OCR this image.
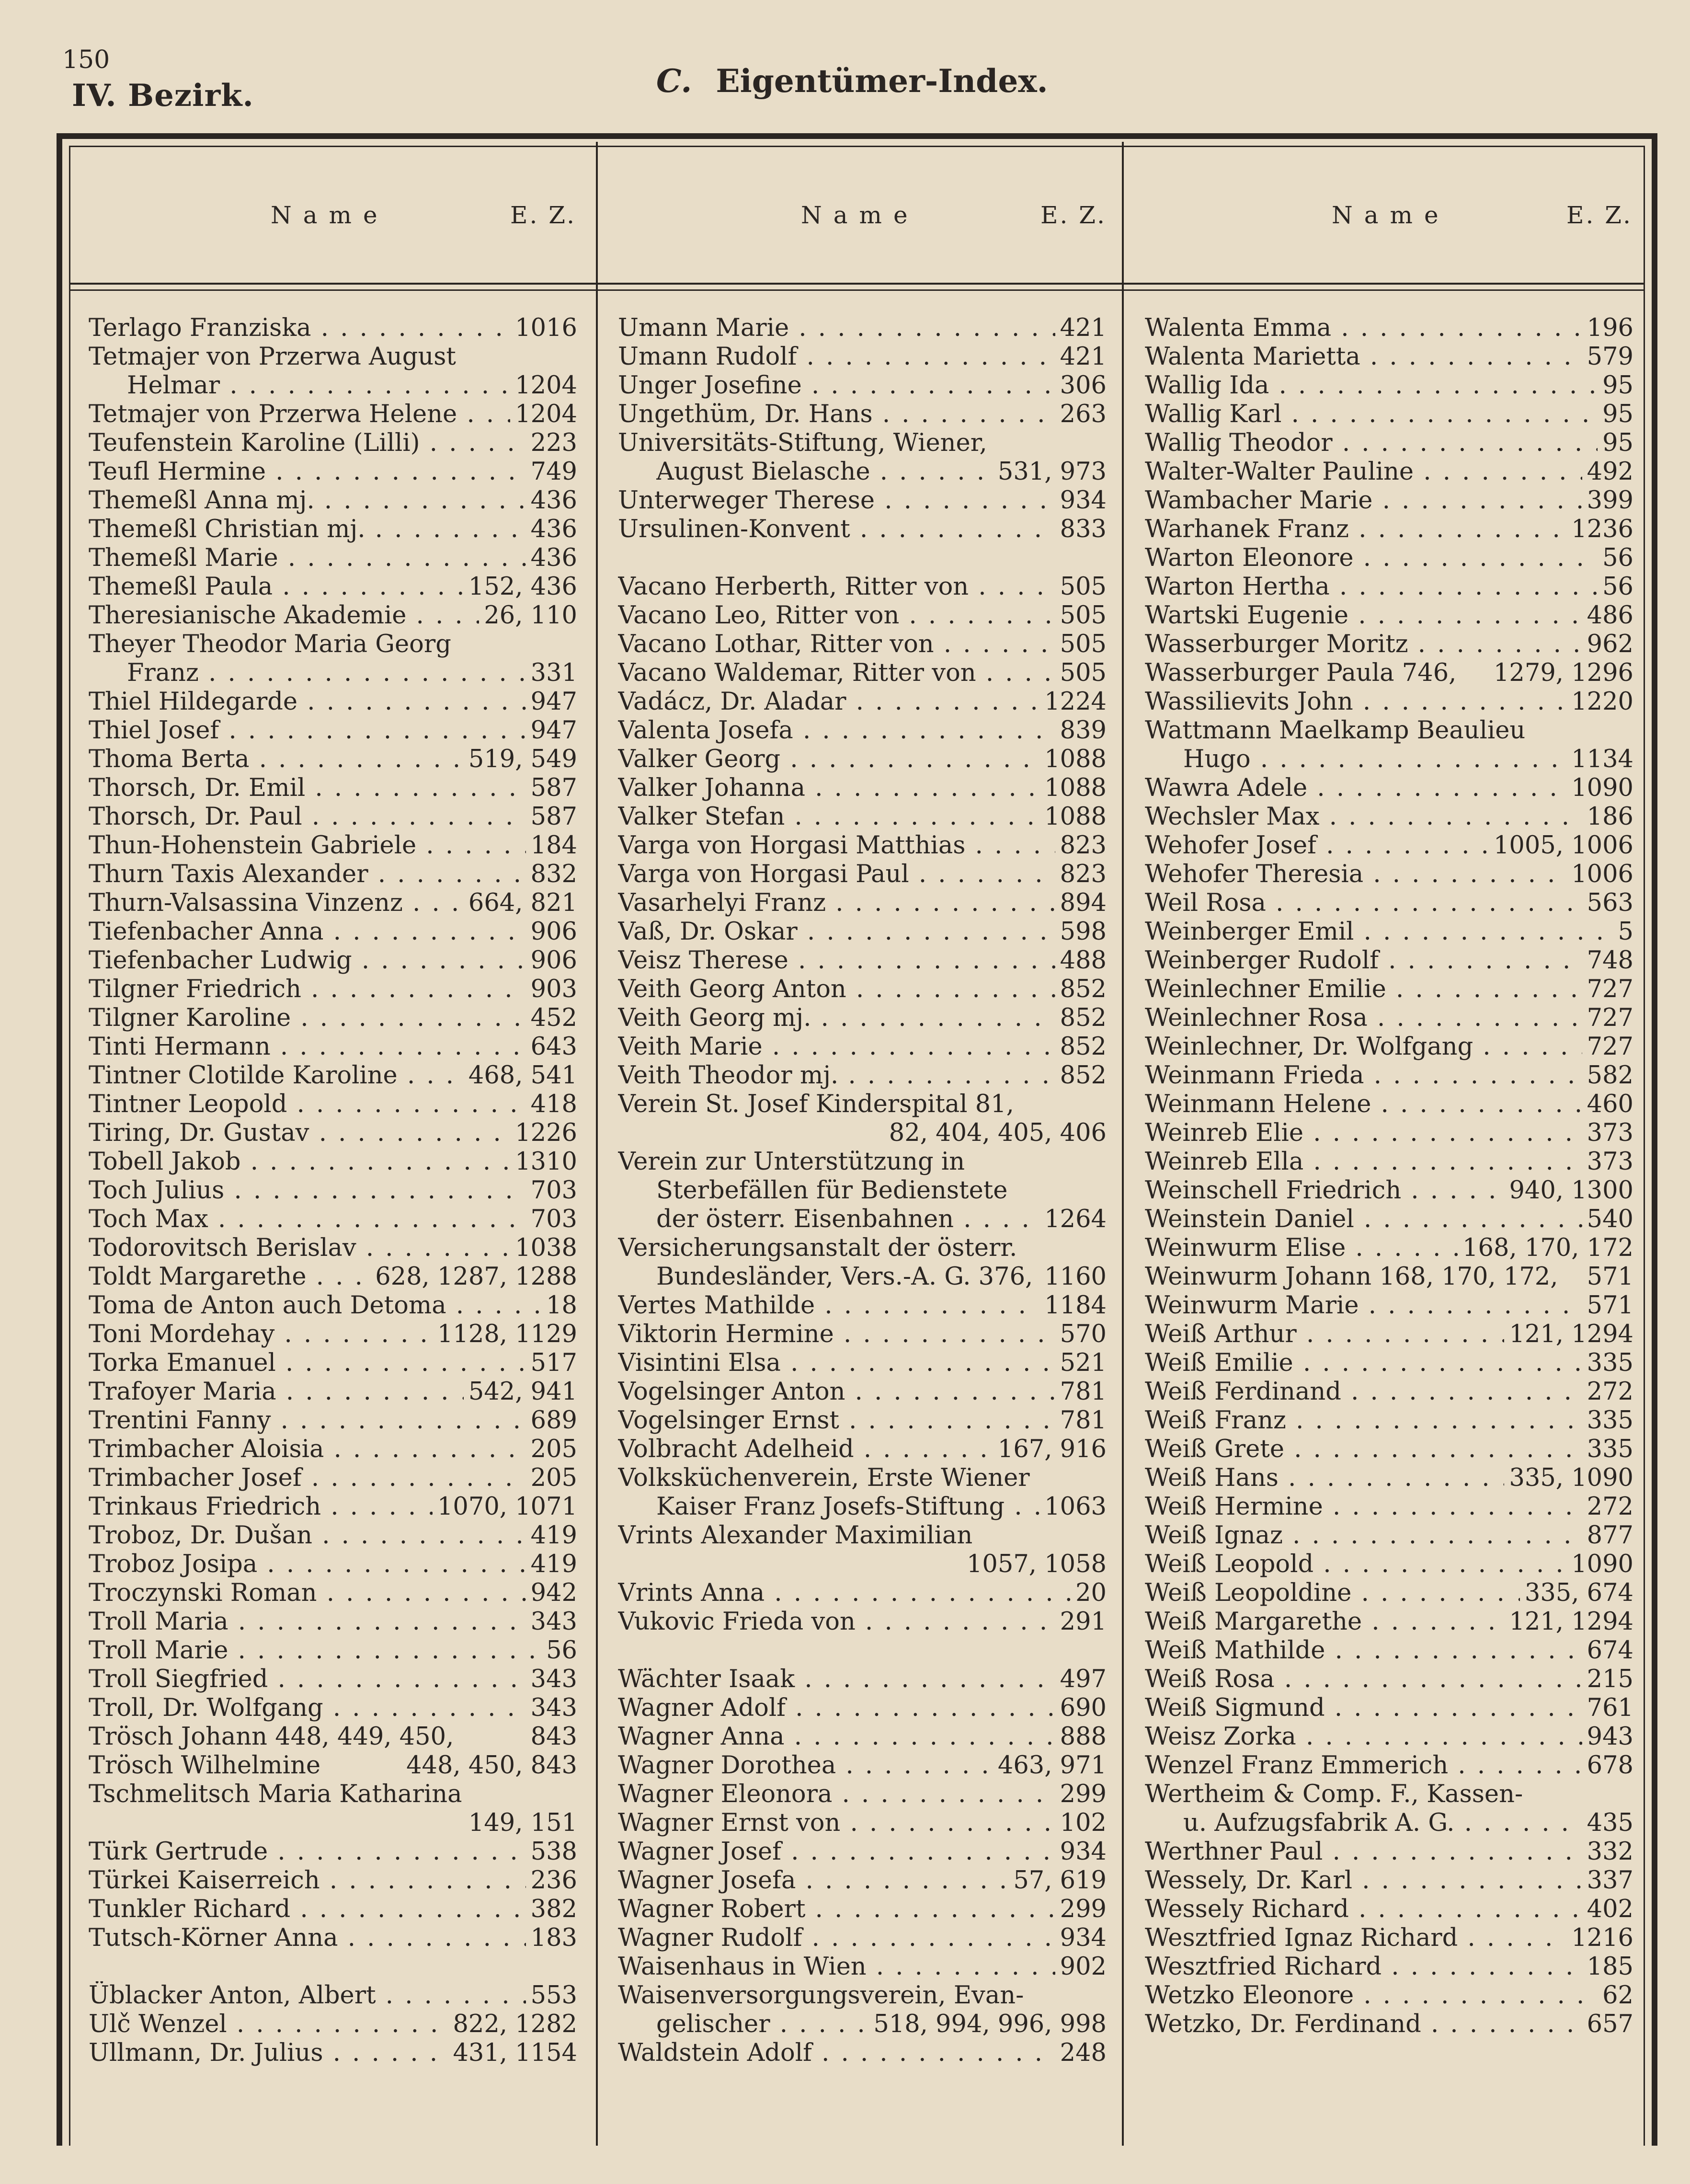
150
IV. Bezirk.	C. Eigentümer-Index.
Name	E. Z.	Name	E. Z.	Name	E. Z.
Terlago Franziska . . .	1016
Tetmajer von Przerwa August
Helmar . . .	1204
Tetmajer von Przerwa Helene . . .	1204
Teufenstein Karoline (Lilli) . . .	223
Teufl Hermine . . .	749
Themeßl Anna mj. . . .	436
Themeßl Christian mj. . . .	436
Themeßl Marie . . .	436
Themeßl Paula . . .	152, 436
Theresianische Akademie . . .	26, 110
Theyer Theodor Maria Georg
Franz . . .	331
Thiel Hildegarde . . .	947
Thiel Josef . . .	947
Thoma Berta . . .	519, 549
Thorsch, Dr. Emil . . .	587
Thorsch, Dr. Paul . . .	587
Thun-Hohenstein Gabriele . . .	184
Thurn Taxis Alexander . . .	832
Thurn-Valsassina Vinzenz . . .	664, 821
Tiefenbacher Anna . . .	906
Tiefenbacher Ludwig . . .	906
Tilgner Friedrich . . .	903
Tilgner Karoline . . .	452
Tinti Hermann . . .	643
Tintner Clotilde Karoline . . .	468, 541
Tintner Leopold . . .	418
Tiring, Dr. Gustav . . .	1226
Tobell Jakob . . .	1310
Toch Julius . . .	703
Toch Max . . .	703
Todorovitsch Berislav . . .	1038
Toldt Margarethe . . .	628, 1287, 1288
Toma de Anton auch Detoma . . .	18
Toni Mordehay . . .	1128, 1129
Torka Emanuel . . .	517
Trafoyer Maria . . .	542, 941
Trentini Fanny . . .	689
Trimbacher Aloisia . . .	205
Trimbacher Josef . . .	205
Trinkaus Friedrich . . .	1070, 1071
Troboz, Dr. Dušan . . .	419
Troboz Josipa . . .	419
Troczynski Roman . . .	942
Troll Maria . . .	343
Troll Marie . . .	56
Troll Siegfried . . .	343
Troll, Dr. Wolfgang . . .	343
Trösch Johann 448, 449, 450,	843
Trösch Wilhelmine	448, 450, 843
Tschmelitsch Maria Katharina
149, 151
Türk Gertrude . . .	538
Türkei Kaiserreich . . .	236
Tunkler Richard . . .	382
Tutsch-Körner Anna . . .	183
Üblacker Anton, Albert . . .	553
Ulč Wenzel . . .	822, 1282
Ullmann, Dr. Julius . . .	431, 1154
Umann Marie . . .	421
Umann Rudolf . . .	421
Unger Josefine . . .	306
Ungethüm, Dr. Hans . . .	263
Universitäts-Stiftung, Wiener,
August Bielasche . . .	531, 973
Unterweger Therese . . .	934
Ursulinen-Konvent . . .	833
Vacano Herberth, Ritter von . . .	505
Vacano Leo, Ritter von . . .	505
Vacano Lothar, Ritter von . . .	505
Vacano Waldemar, Ritter von . . .	505
Vadácz, Dr. Aladar . . .	1224
Valenta Josefa . . .	839
Valker Georg . . .	1088
Valker Johanna . . .	1088
Valker Stefan . . .	1088
Varga von Horgasi Matthias . . .	823
Varga von Horgasi Paul . . .	823
Vasarhelyi Franz . . .	894
Vaß, Dr. Oskar . . .	598
Veisz Therese . . .	488
Veith Georg Anton . . .	852
Veith Georg mj. . . .	852
Veith Marie . . .	852
Veith Theodor mj. . . .	852
Verein St. Josef Kinderspital 81,
82, 404, 405, 406
Verein zur Unterstützung in
Sterbefällen für Bedienstete
der österr. Eisenbahnen . . .	1264
Versicherungsanstalt der österr.
Bundesländer, Vers.-A. G. 376, 1160
Vertes Mathilde . . .	1184
Viktorin Hermine . . .	570
Visintini Elsa . . .	521
Vogelsinger Anton . . .	781
Vogelsinger Ernst . . .	781
Volbracht Adelheid . . .	167, 916
Volksküchenverein, Erste Wiener
Kaiser Franz Josefs-Stiftung . . .	1063
Vrints Alexander Maximilian
1057, 1058
Vrints Anna . . .	20
Vukovic Frieda von . . .	291
Wächter Isaak . . .	497
Wagner Adolf . . .	690
Wagner Anna . . .	888
Wagner Dorothea . . .	463, 971
Wagner Eleonora . . .	299
Wagner Ernst von . . .	102
Wagner Josef . . .	934
Wagner Josefa . . .	57, 619
Wagner Robert . . .	299
Wagner Rudolf . . .	934
Waisenhaus in Wien . . .	902
Waisenversorgungsverein, Evan-
gelischer . . .	518, 994, 996, 998
Waldstein Adolf . . .	248
Walenta Emma . . .	196
Walenta Marietta . . .	579
Wallig Ida . . .	95
Wallig Karl . . .	95
Wallig Theodor . . .	95
Walter-Walter Pauline . . .	492
Wambacher Marie . . .	399
Warhanek Franz . . .	1236
Warton Eleonore . . .	56
Warton Hertha . . .	56
Wartski Eugenie . . .	486
Wasserburger Moritz . . .	962
Wasserburger Paula 746,	1279, 1296
Wassilievits John . . .	1220
Wattmann Maelkamp Beaulieu
Hugo . . .	1134
Wawra Adele . . .	1090
Wechsler Max . . .	186
Wehofer Josef . . .	1005, 1006
Wehofer Theresia . . .	1006
Weil Rosa . . .	563
Weinberger Emil . . .	5
Weinberger Rudolf . . .	748
Weinlechner Emilie . . .	727
Weinlechner Rosa . . .	727
Weinlechner, Dr. Wolfgang . . .	727
Weinmann Frieda . . .	582
Weinmann Helene . . .	460
Weinreb Elie . . .	373
Weinreb Ella . . .	373
Weinschell Friedrich . . .	940, 1300
Weinstein Daniel . . .	540
Weinwurm Elise . . .	168, 170, 172
Weinwurm Johann 168, 170, 172,	571
Weinwurm Marie . . .	571
Weiß Arthur . . .	121, 1294
Weiß Emilie . . .	335
Weiß Ferdinand . . .	272
Weiß Franz . . .	335
Weiß Grete . . .	335
Weiß Hans . . .	335, 1090
Weiß Hermine . . .	272
Weiß Ignaz . . .	877
Weiß Leopold . . .	1090
Weiß Leopoldine . . .	335, 674
Weiß Margarethe . . .	121, 1294
Weiß Mathilde . . .	674
Weiß Rosa . . .	215
Weiß Sigmund . . .	761
Weisz Zorka . . .	943
Wenzel Franz Emmerich . . .	678
Wertheim & Comp. F., Kassen-
u. Aufzugsfabrik A. G. . . .	435
Werthner Paul . . .	332
Wessely, Dr. Karl . . .	337
Wessely Richard . . .	402
Wesztfried Ignaz Richard . . .	1216
Wesztfried Richard . . .	185
Wetzko Eleonore . . .	62
Wetzko, Dr. Ferdinand . . .	657
